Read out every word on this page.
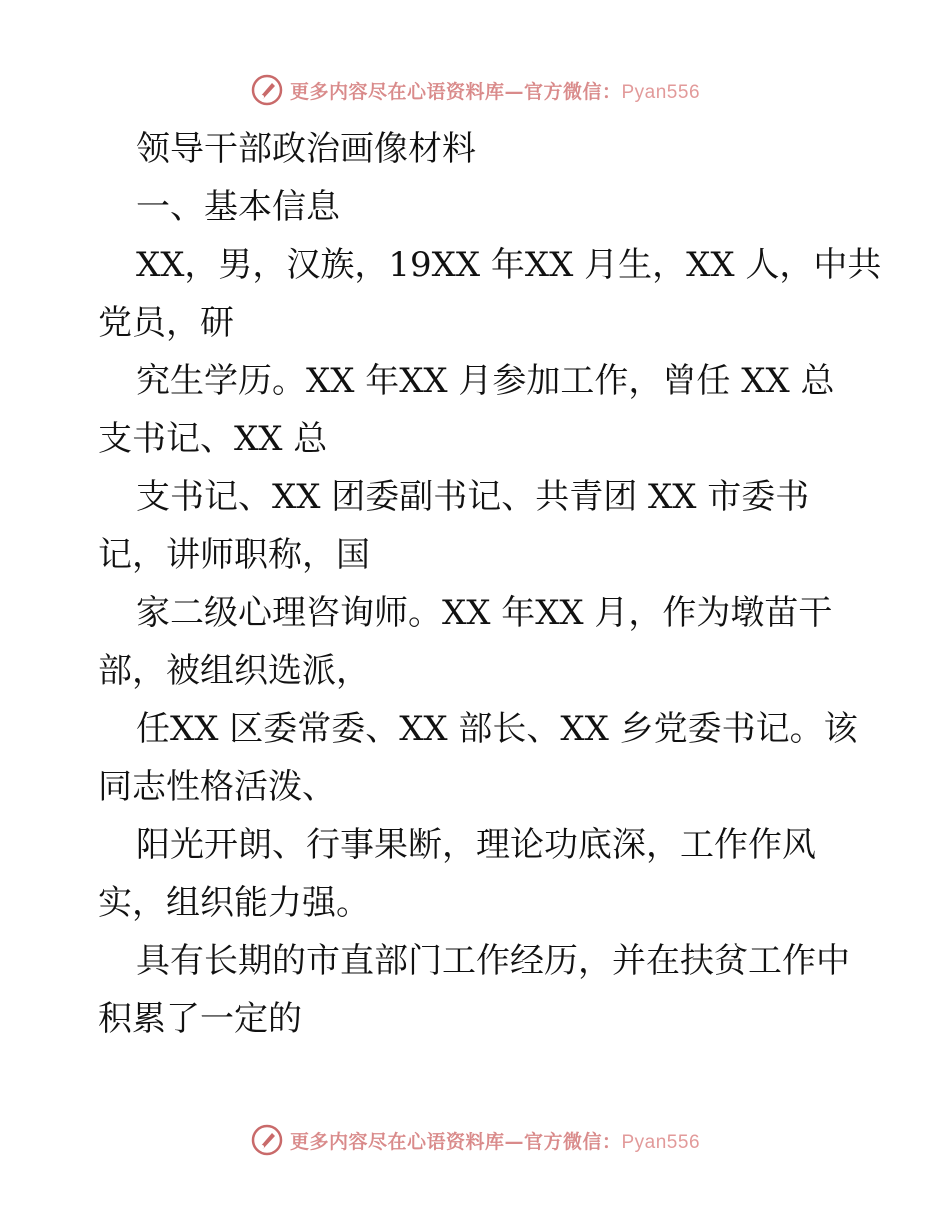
更多内容尽在心语资料库—官方微信：Pyan556
领导干部政治画像材料
一、基本信息
XX，男，汉族，19XX 年XX 月生，XX 人，中共
党员，研
究生学历。XX 年XX 月参加工作，曾任 XX 总
支书记、XX 总
支书记、XX 团委副书记、共青团 XX 市委书
记，讲师职称，国
家二级心理咨询师。XX 年XX 月，作为墩苗干
部，被组织选派，
任XX 区委常委、XX 部长、XX 乡党委书记。该
同志性格活泼、
阳光开朗、行事果断，理论功底深，工作作风
实，组织能力强。
具有长期的市直部门工作经历，并在扶贫工作中
积累了一定的
更多内容尽在心语资料库—官方微信：Pyan556
